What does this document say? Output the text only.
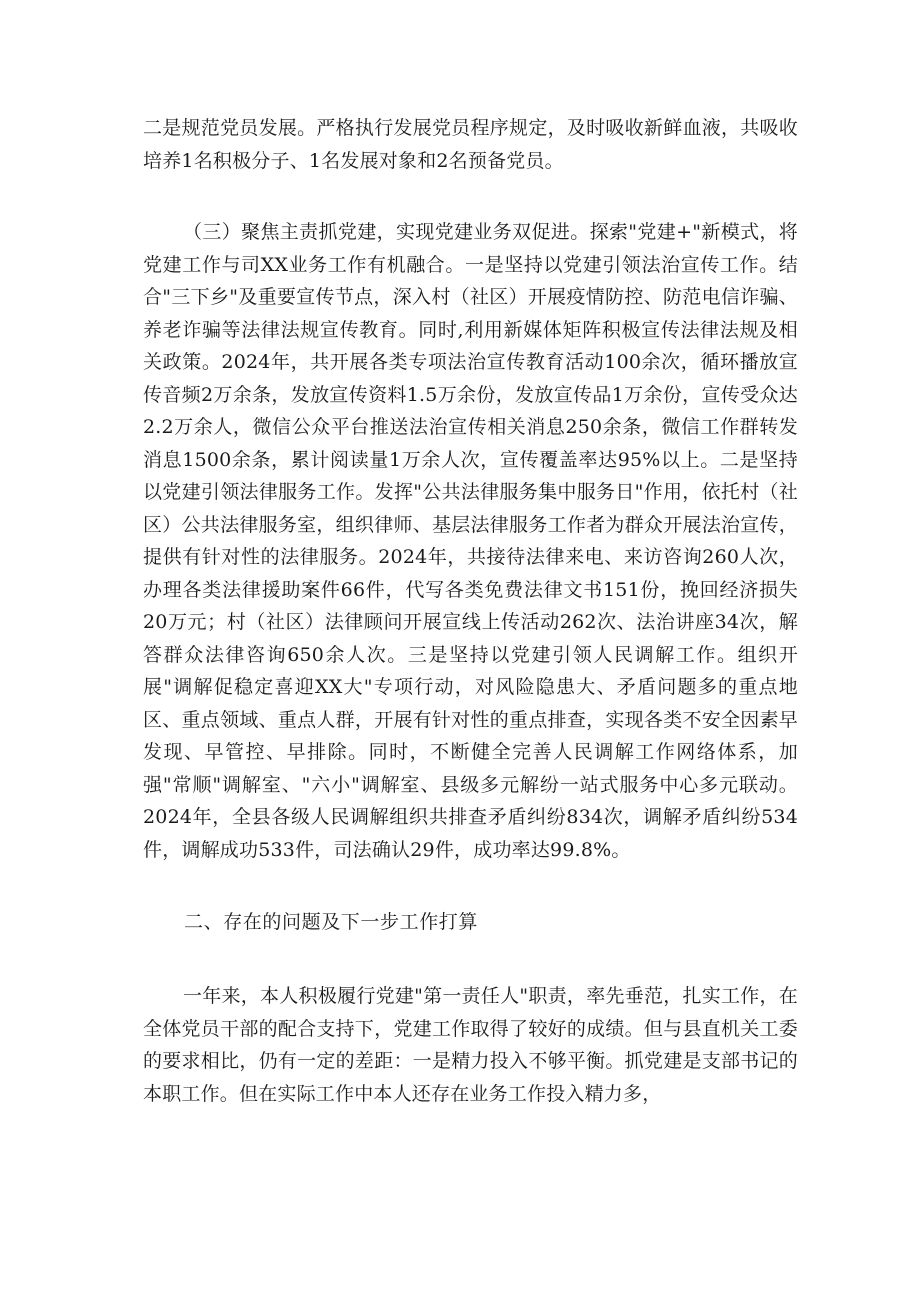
二是规范党员发展。严格执行发展党员程序规定，及时吸收新鲜血液，共吸收培养1名积极分子、1名发展对象和2名预备党员。

（三）聚焦主责抓党建，实现党建业务双促进。探索"党建+"新模式，将党建工作与司XX业务工作有机融合。一是坚持以党建引领法治宣传工作。结合"三下乡"及重要宣传节点，深入村（社区）开展疫情防控、防范电信诈骗、养老诈骗等法律法规宣传教育。同时,利用新媒体矩阵积极宣传法律法规及相关政策。2024年，共开展各类专项法治宣传教育活动100余次，循环播放宣传音频2万余条，发放宣传资料1.5万余份，发放宣传品1万余份，宣传受众达2.2万余人，微信公众平台推送法治宣传相关消息250余条，微信工作群转发消息1500余条，累计阅读量1万余人次，宣传覆盖率达95%以上。二是坚持以党建引领法律服务工作。发挥"公共法律服务集中服务日"作用，依托村（社区）公共法律服务室，组织律师、基层法律服务工作者为群众开展法治宣传，提供有针对性的法律服务。2024年，共接待法律来电、来访咨询260人次，办理各类法律援助案件66件，代写各类免费法律文书151份，挽回经济损失20万元；村（社区）法律顾问开展宣线上传活动262次、法治讲座34次，解答群众法律咨询650余人次。三是坚持以党建引领人民调解工作。组织开展"调解促稳定喜迎XX大"专项行动，对风险隐患大、矛盾问题多的重点地区、重点领域、重点人群，开展有针对性的重点排查，实现各类不安全因素早发现、早管控、早排除。同时，不断健全完善人民调解工作网络体系，加强"常顺"调解室、"六小"调解室、县级多元解纷一站式服务中心多元联动。2024年，全县各级人民调解组织共排查矛盾纠纷834次，调解矛盾纠纷534件，调解成功533件，司法确认29件，成功率达99.8%。

二、存在的问题及下一步工作打算

一年来，本人积极履行党建"第一责任人"职责，率先垂范，扎实工作，在全体党员干部的配合支持下，党建工作取得了较好的成绩。但与县直机关工委的要求相比，仍有一定的差距：一是精力投入不够平衡。抓党建是支部书记的本职工作。但在实际工作中本人还存在业务工作投入精力多，
